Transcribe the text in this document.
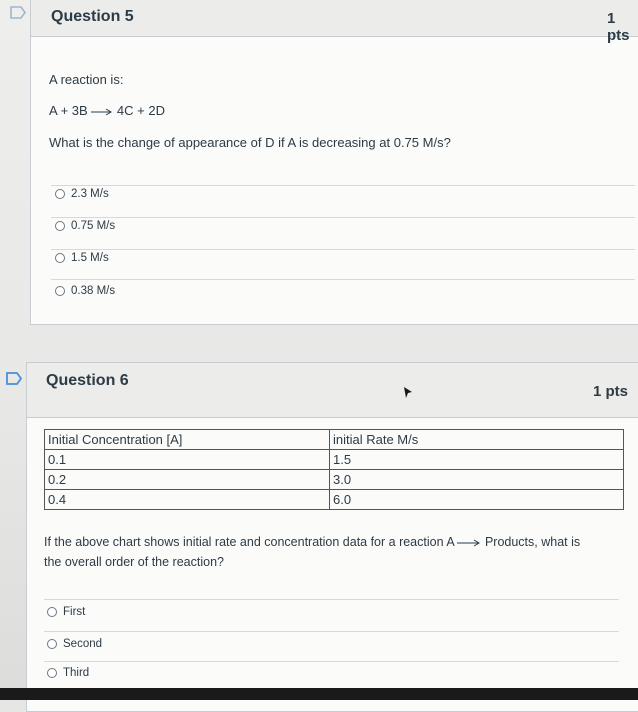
Question 5	1 pts
A reaction is:
A + 3B → 4C + 2D
What is the change of appearance of D if A is decreasing at 0.75 M/s?
2.3 M/s
0.75 M/s
1.5 M/s
0.38 M/s
Question 6
1 pts
Initial Concentration [A]	initial Rate M/s
0.1	1.5
0.2	3.0
0.4	6.0
If the above chart shows initial rate and concentration data for a reaction A → Products, what is
the overall order of the reaction?
First
Second
Third
